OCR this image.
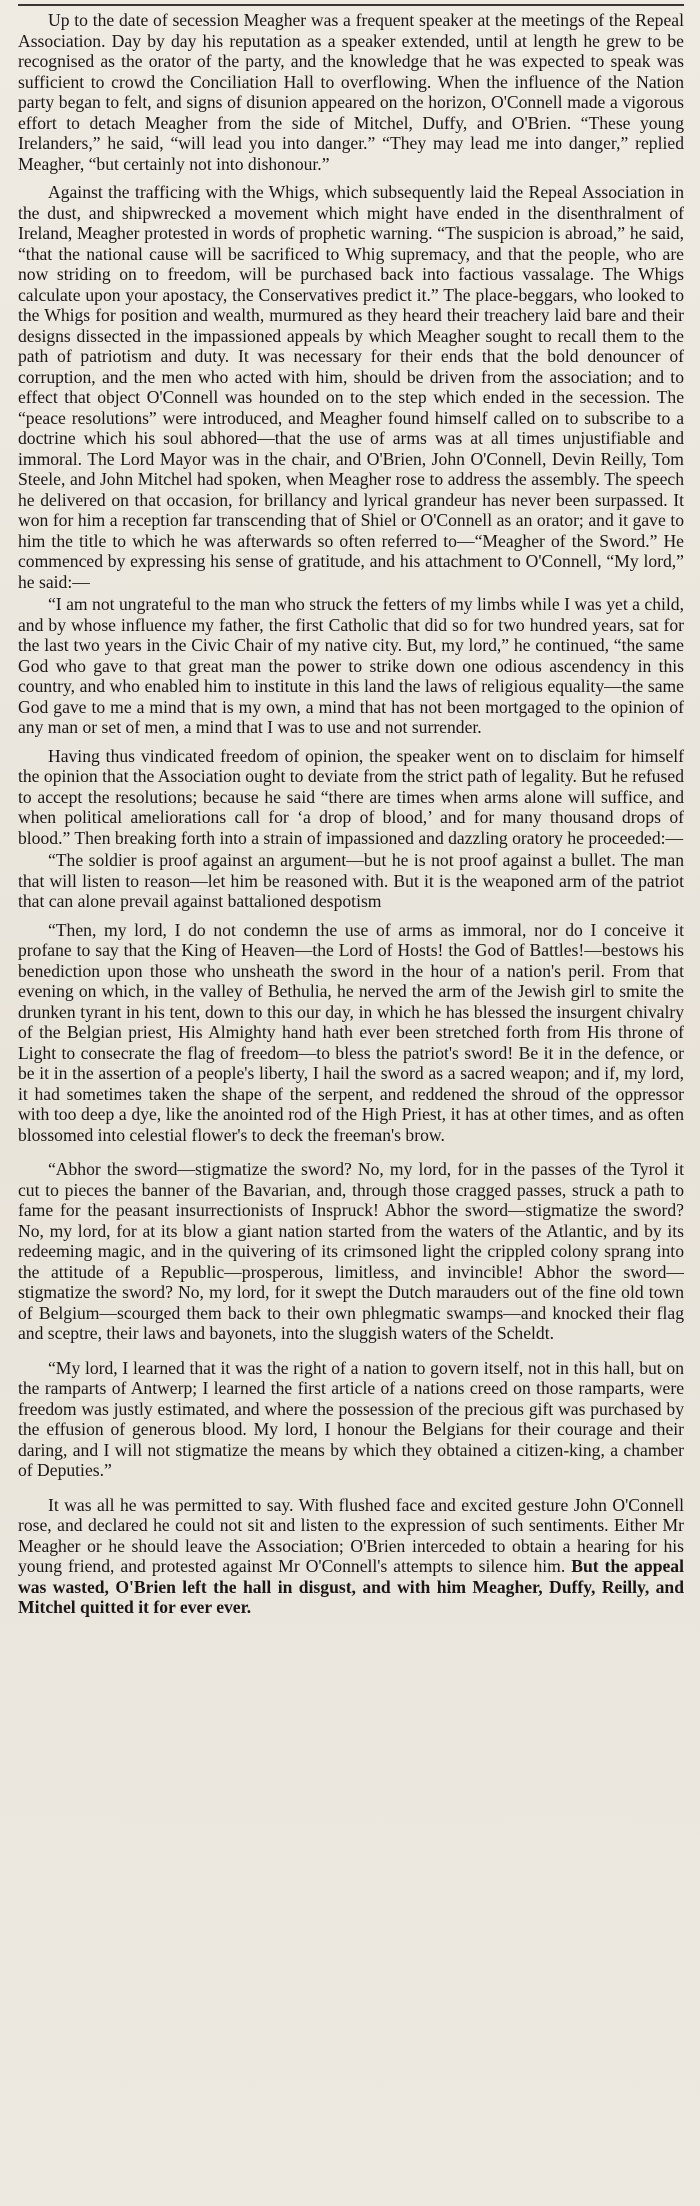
Up to the date of secession Meagher was a frequent speaker at the meetings of the Repeal Association. Day by day his reputation as a speaker extended, until at length he grew to be recognised as the orator of the party, and the knowledge that he was expected to speak was sufficient to crowd the Conciliation Hall to overflowing. When the influence of the Nation party began to felt, and signs of disunion appeared on the horizon, O'Connell made a vigorous effort to detach Meagher from the side of Mitchel, Duffy, and O'Brien. “These young Irelanders,” he said, “will lead you into danger.” “They may lead me into danger,” replied Meagher, “but certainly not into dishonour.”

Against the trafficing with the Whigs, which subsequently laid the Repeal Association in the dust, and shipwrecked a movement which might have ended in the disenthralment of Ireland, Meagher protested in words of prophetic warning. “The suspicion is abroad,” he said, “that the national cause will be sacrificed to Whig supremacy, and that the people, who are now striding on to freedom, will be purchased back into factious vassalage. The Whigs calculate upon your apostacy, the Conservatives predict it.” The place-beggars, who looked to the Whigs for position and wealth, murmured as they heard their treachery laid bare and their designs dissected in the impassioned appeals by which Meagher sought to recall them to the path of patriotism and duty. It was necessary for their ends that the bold denouncer of corruption, and the men who acted with him, should be driven from the association; and to effect that object O'Connell was hounded on to the step which ended in the secession. The “peace resolutions” were introduced, and Meagher found himself called on to subscribe to a doctrine which his soul abhored—that the use of arms was at all times unjustifiable and immoral. The Lord Mayor was in the chair, and O'Brien, John O'Connell, Devin Reilly, Tom Steele, and John Mitchel had spoken, when Meagher rose to address the assembly. The speech he delivered on that occasion, for brillancy and lyrical grandeur has never been surpassed. It won for him a reception far transcending that of Shiel or O'Connell as an orator; and it gave to him the title to which he was afterwards so often referred to—“Meagher of the Sword.” He commenced by expressing his sense of gratitude, and his attachment to O'Connell, “My lord,” he said:—

“I am not ungrateful to the man who struck the fetters of my limbs while I was yet a child, and by whose influence my father, the first Catholic that did so for two hundred years, sat for the last two years in the Civic Chair of my native city. But, my lord,” he continued, “the same God who gave to that great man the power to strike down one odious ascendency in this country, and who enabled him to institute in this land the laws of religious equality—the same God gave to me a mind that is my own, a mind that has not been mortgaged to the opinion of any man or set of men, a mind that I was to use and not surrender.

Having thus vindicated freedom of opinion, the speaker went on to disclaim for himself the opinion that the Association ought to deviate from the strict path of legality. But he refused to accept the resolutions; because he said “there are times when arms alone will suffice, and when political ameliorations call for ‘a drop of blood,’ and for many thousand drops of blood.” Then breaking forth into a strain of impassioned and dazzling oratory he proceeded:—

“The soldier is proof against an argument—but he is not proof against a bullet. The man that will listen to reason—let him be reasoned with. But it is the weaponed arm of the patriot that can alone prevail against battalioned despotism

“Then, my lord, I do not condemn the use of arms as immoral, nor do I conceive it profane to say that the King of Heaven—the Lord of Hosts! the God of Battles!—bestows his benediction upon those who unsheath the sword in the hour of a nation's peril. From that evening on which, in the valley of Bethulia, he nerved the arm of the Jewish girl to smite the drunken tyrant in his tent, down to this our day, in which he has blessed the insurgent chivalry of the Belgian priest, His Almighty hand hath ever been stretched forth from His throne of Light to consecrate the flag of freedom—to bless the patriot's sword! Be it in the defence, or be it in the assertion of a people's liberty, I hail the sword as a sacred weapon; and if, my lord, it had sometimes taken the shape of the serpent, and reddened the shroud of the oppressor with too deep a dye, like the anointed rod of the High Priest, it has at other times, and as often blossomed into celestial flower's to deck the freeman's brow.

“Abhor the sword—stigmatize the sword? No, my lord, for in the passes of the Tyrol it cut to pieces the banner of the Bavarian, and, through those cragged passes, struck a path to fame for the peasant insurrectionists of Inspruck! Abhor the sword—stigmatize the sword? No, my lord, for at its blow a giant nation started from the waters of the Atlantic, and by its redeeming magic, and in the quivering of its crimsoned light the crippled colony sprang into the attitude of a Republic—prosperous, limitless, and invincible! Abhor the sword—stigmatize the sword? No, my lord, for it swept the Dutch marauders out of the fine old town of Belgium—scourged them back to their own phlegmatic swamps—and knocked their flag and sceptre, their laws and bayonets, into the sluggish waters of the Scheldt.

“My lord, I learned that it was the right of a nation to govern itself, not in this hall, but on the ramparts of Antwerp; I learned the first article of a nations creed on those ramparts, were freedom was justly estimated, and where the possession of the precious gift was purchased by the effusion of generous blood. My lord, I honour the Belgians for their courage and their daring, and I will not stigmatize the means by which they obtained a citizen-king, a chamber of Deputies.”

It was all he was permitted to say. With flushed face and excited gesture John O'Connell rose, and declared he could not sit and listen to the expression of such sentiments. Either Mr Meagher or he should leave the Association; O'Brien interceded to obtain a hearing for his young friend, and protested against Mr O'Connell's attempts to silence him. But the appeal was wasted, O'Brien left the hall in disgust, and with him Meagher, Duffy, Reilly, and Mitchel quitted it for ever ever.
